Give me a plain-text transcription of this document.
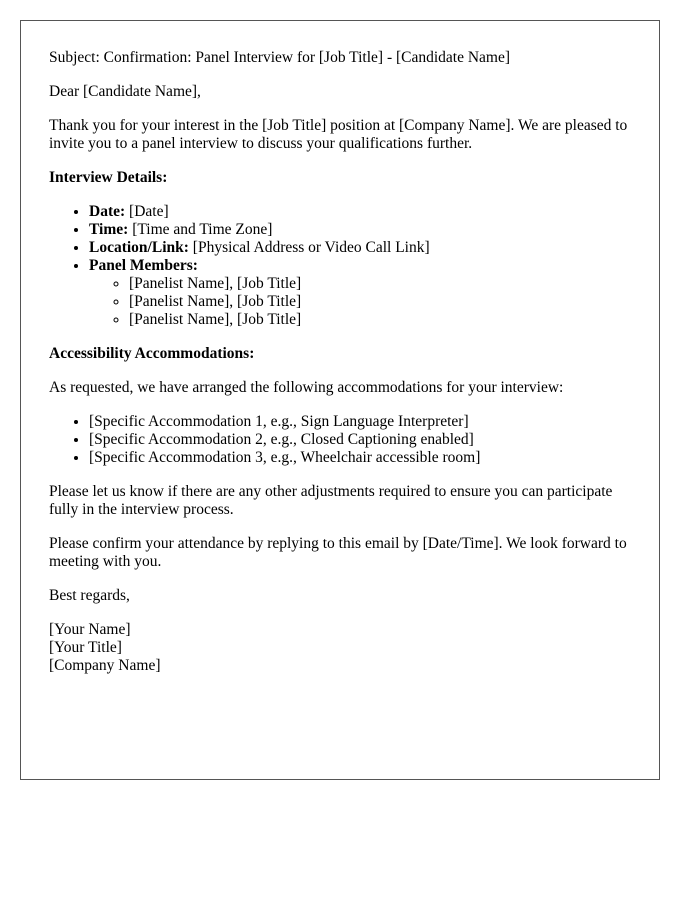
Subject: Confirmation: Panel Interview for [Job Title] - [Candidate Name]

Dear [Candidate Name],

Thank you for your interest in the [Job Title] position at [Company Name]. We are pleased to invite you to a panel interview to discuss your qualifications further.

Interview Details:

• Date: [Date]
• Time: [Time and Time Zone]
• Location/Link: [Physical Address or Video Call Link]
• Panel Members:
◦ [Panelist Name], [Job Title]
◦ [Panelist Name], [Job Title]
◦ [Panelist Name], [Job Title]

Accessibility Accommodations:

As requested, we have arranged the following accommodations for your interview:

• [Specific Accommodation 1, e.g., Sign Language Interpreter]
• [Specific Accommodation 2, e.g., Closed Captioning enabled]
• [Specific Accommodation 3, e.g., Wheelchair accessible room]

Please let us know if there are any other adjustments required to ensure you can participate fully in the interview process.

Please confirm your attendance by replying to this email by [Date/Time]. We look forward to meeting with you.

Best regards,

[Your Name]

[Your Title]

[Company Name]
